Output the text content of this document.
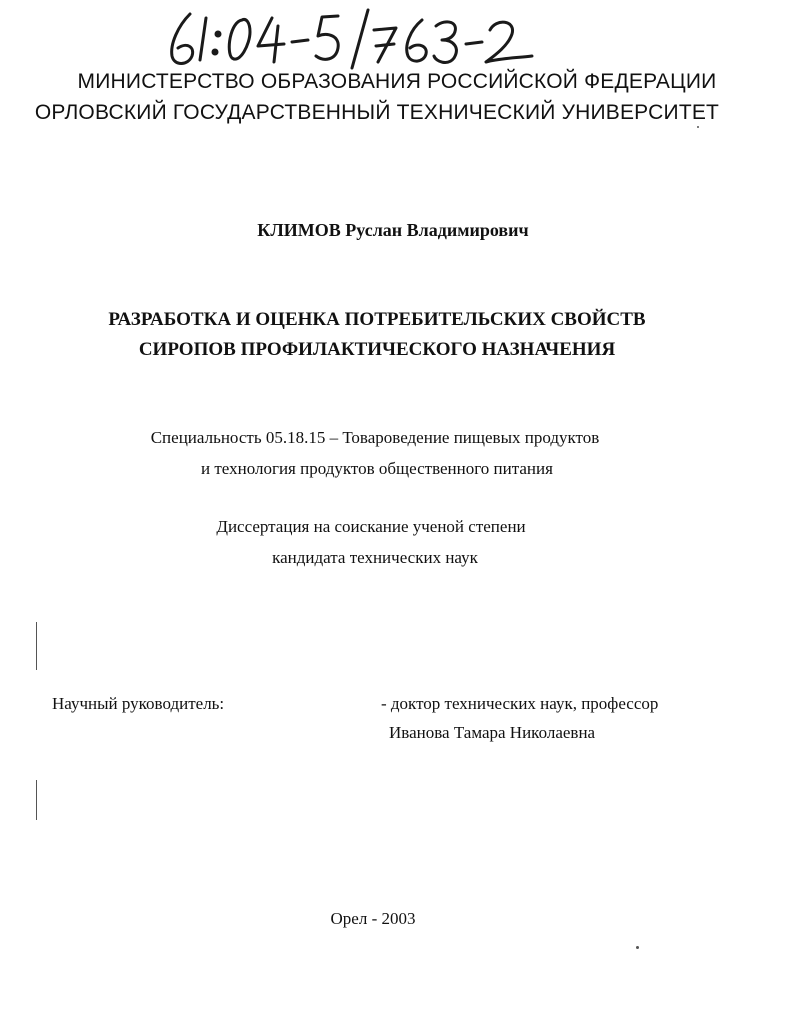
МИНИСТЕРСТВО ОБРАЗОВАНИЯ РОССИЙСКОЙ ФЕДЕРАЦИИ
ОРЛОВСКИЙ ГОСУДАРСТВЕННЫЙ ТЕХНИЧЕСКИЙ УНИВЕРСИТЕТ
КЛИМОВ Руслан Владимирович
РАЗРАБОТКА И ОЦЕНКА ПОТРЕБИТЕЛЬСКИХ СВОЙСТВ
СИРОПОВ ПРОФИЛАКТИЧЕСКОГО НАЗНАЧЕНИЯ
Специальность 05.18.15 – Товароведение пищевых продуктов
и технология продуктов общественного питания
Диссертация на соискание ученой степени
кандидата технических наук
Научный руководитель:	- доктор технических наук, профессор
Иванова Тамара Николаевна
Орел - 2003
